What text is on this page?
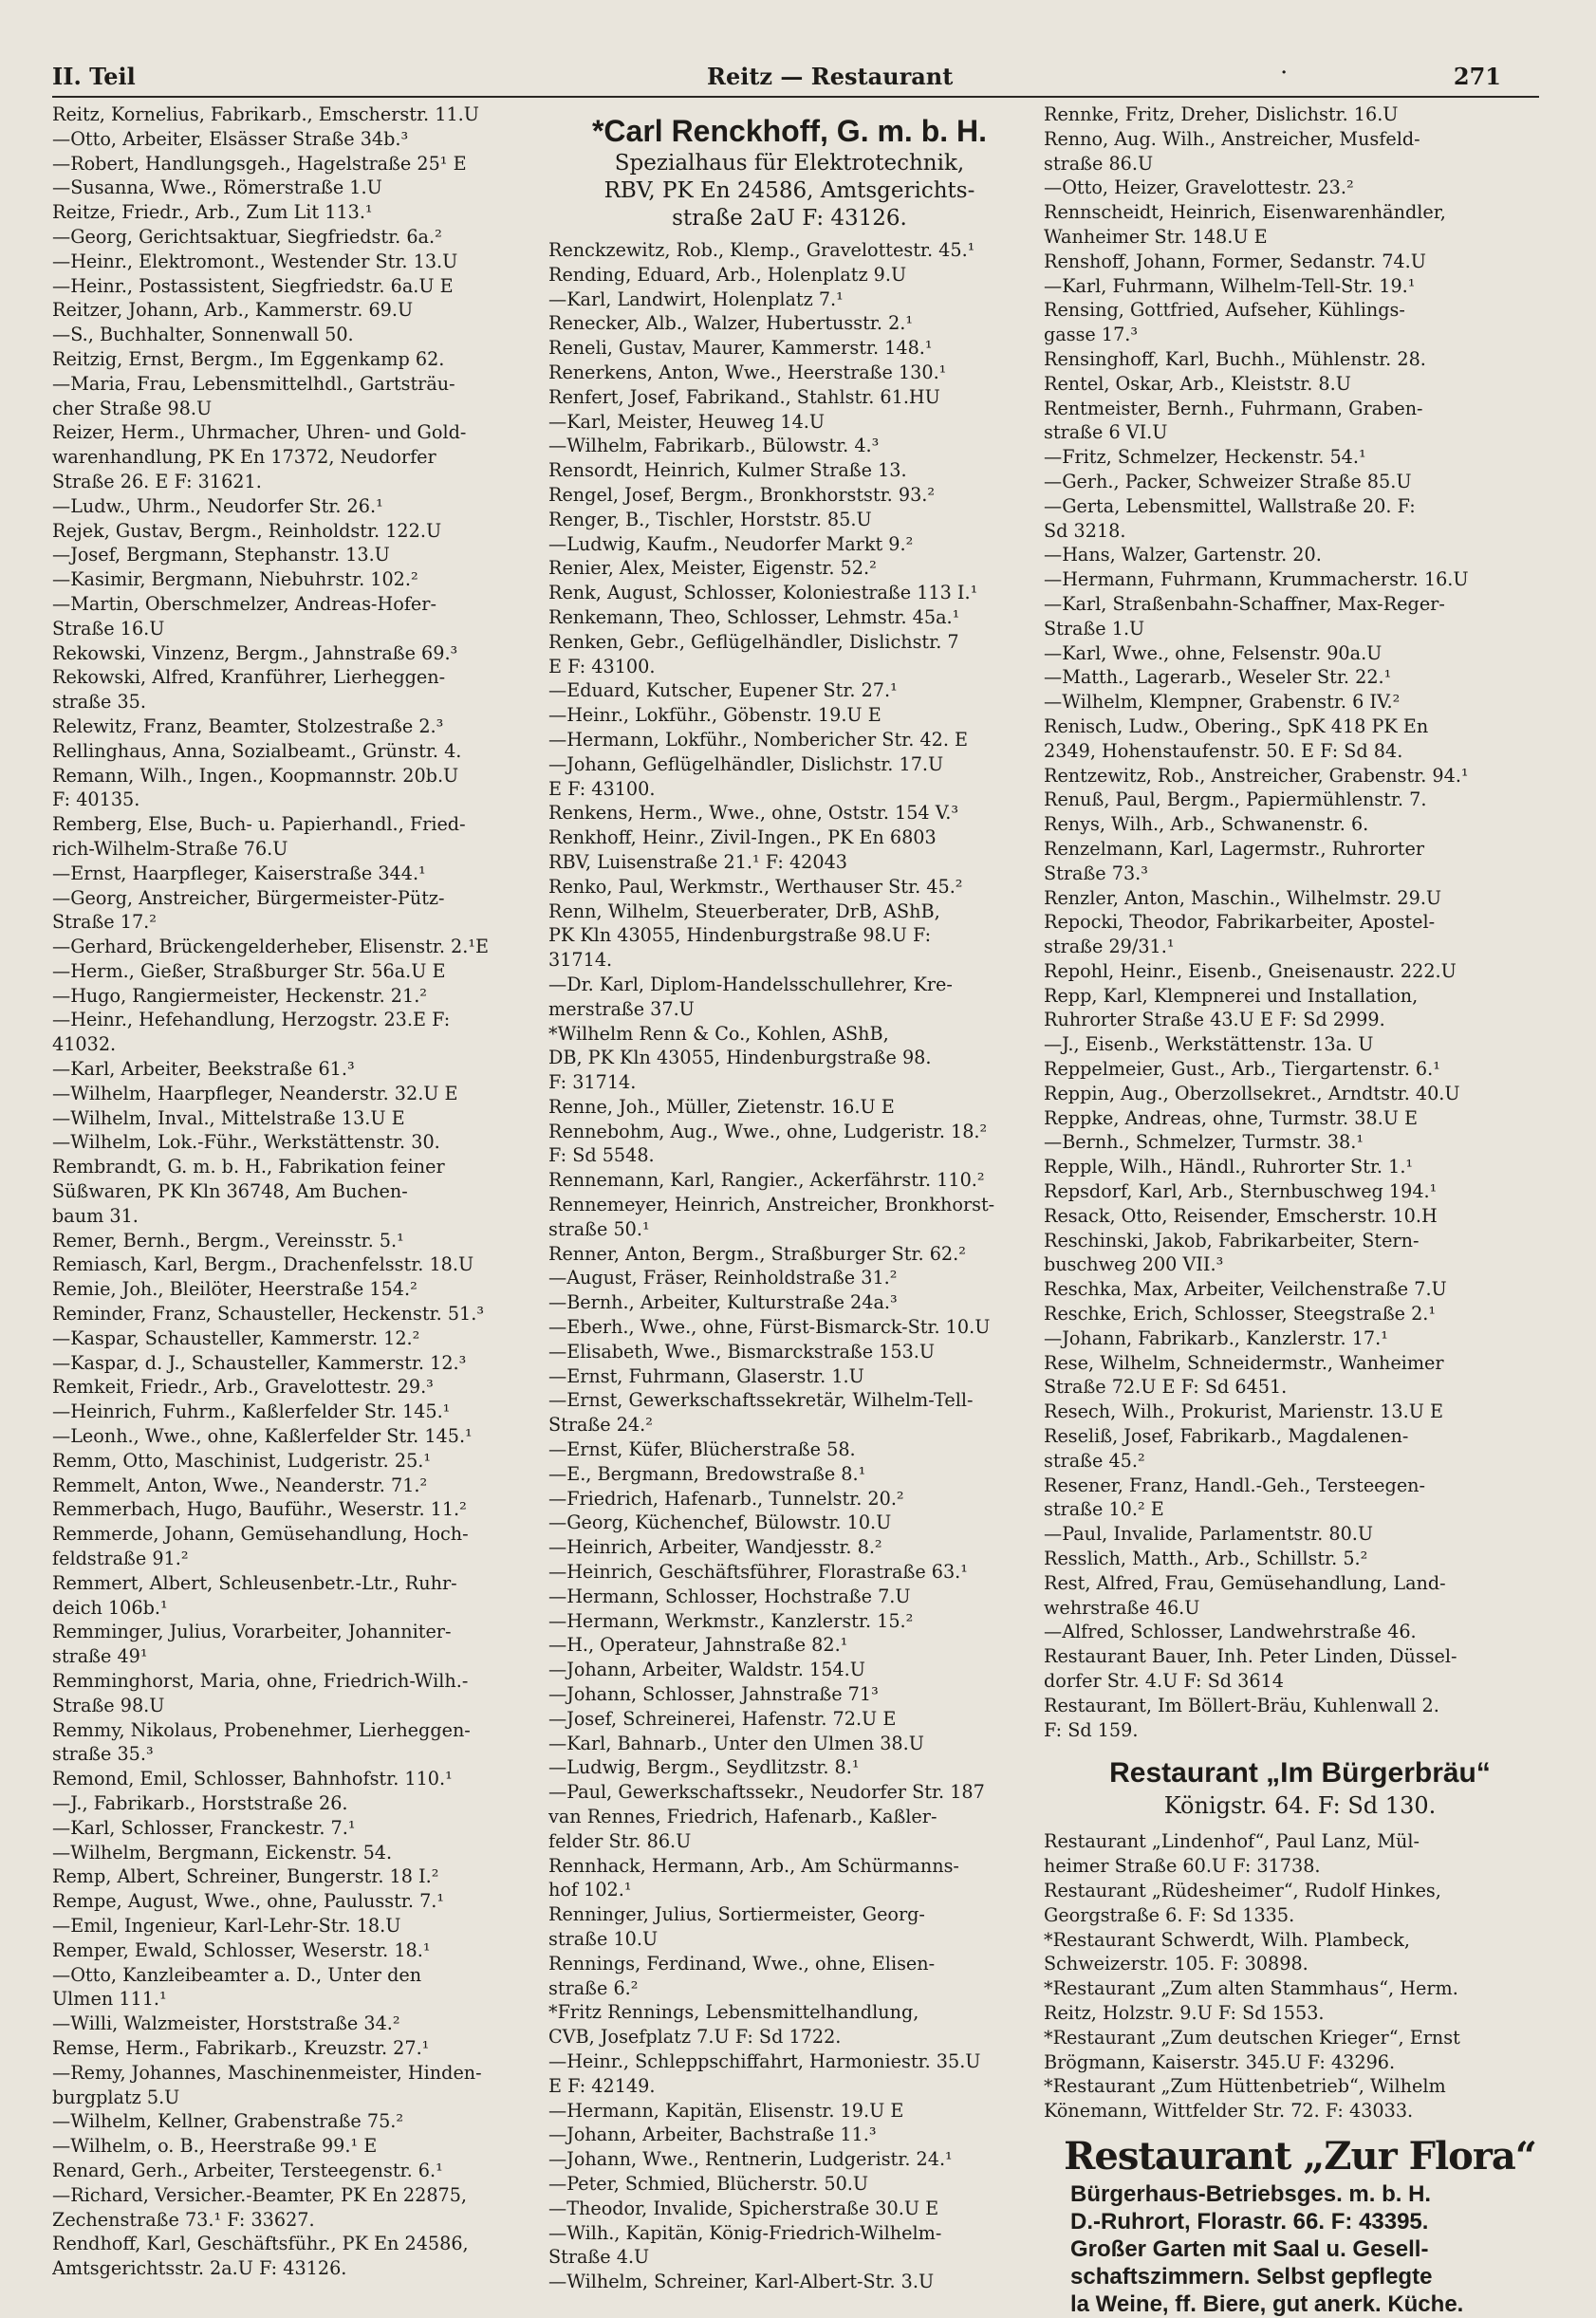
II. Teil	Reitz — Restaurant	·	271
Reitz, Kornelius, Fabrikarb., Emscherstr. 11.U
—Otto, Arbeiter, Elsässer Straße 34b.³
—Robert, Handlungsgeh., Hagelstraße 25¹ E
—Susanna, Wwe., Römerstraße 1.U
Reitze, Friedr., Arb., Zum Lit 113.¹
—Georg, Gerichtsaktuar, Siegfriedstr. 6a.²
—Heinr., Elektromont., Westender Str. 13.U
—Heinr., Postassistent, Siegfriedstr. 6a.U E
Reitzer, Johann, Arb., Kammerstr. 69.U
—S., Buchhalter, Sonnenwall 50.
Reitzig, Ernst, Bergm., Im Eggenkamp 62.
—Maria, Frau, Lebensmittelhdl., Gartsträu-
cher Straße 98.U
Reizer, Herm., Uhrmacher, Uhren- und Gold-
warenhandlung, PK En 17372, Neudorfer
Straße 26. E F: 31621.
—Ludw., Uhrm., Neudorfer Str. 26.¹
Rejek, Gustav, Bergm., Reinholdstr. 122.U
—Josef, Bergmann, Stephanstr. 13.U
—Kasimir, Bergmann, Niebuhrstr. 102.²
—Martin, Oberschmelzer, Andreas-Hofer-
Straße 16.U
Rekowski, Vinzenz, Bergm., Jahnstraße 69.³
Rekowski, Alfred, Kranführer, Lierheggen-
straße 35.
Relewitz, Franz, Beamter, Stolzestraße 2.³
Rellinghaus, Anna, Sozialbeamt., Grünstr. 4.
Remann, Wilh., Ingen., Koopmannstr. 20b.U
F: 40135.
Remberg, Else, Buch- u. Papierhandl., Fried-
rich-Wilhelm-Straße 76.U
—Ernst, Haarpfleger, Kaiserstraße 344.¹
—Georg, Anstreicher, Bürgermeister-Pütz-
Straße 17.²
—Gerhard, Brückengelderheber, Elisenstr. 2.¹E
—Herm., Gießer, Straßburger Str. 56a.U E
—Hugo, Rangiermeister, Heckenstr. 21.²
—Heinr., Hefehandlung, Herzogstr. 23.E F:
41032.
—Karl, Arbeiter, Beekstraße 61.³
—Wilhelm, Haarpfleger, Neanderstr. 32.U E
—Wilhelm, Inval., Mittelstraße 13.U E
—Wilhelm, Lok.-Führ., Werkstättenstr. 30.
Rembrandt, G. m. b. H., Fabrikation feiner
Süßwaren, PK Kln 36748, Am Buchen-
baum 31.
Remer, Bernh., Bergm., Vereinsstr. 5.¹
Remiasch, Karl, Bergm., Drachenfelsstr. 18.U
Remie, Joh., Bleilöter, Heerstraße 154.²
Reminder, Franz, Schausteller, Heckenstr. 51.³
—Kaspar, Schausteller, Kammerstr. 12.²
—Kaspar, d. J., Schausteller, Kammerstr. 12.³
Remkeit, Friedr., Arb., Gravelottestr. 29.³
—Heinrich, Fuhrm., Kaßlerfelder Str. 145.¹
—Leonh., Wwe., ohne, Kaßlerfelder Str. 145.¹
Remm, Otto, Maschinist, Ludgeristr. 25.¹
Remmelt, Anton, Wwe., Neanderstr. 71.²
Remmerbach, Hugo, Bauführ., Weserstr. 11.²
Remmerde, Johann, Gemüsehandlung, Hoch-
feldstraße 91.²
Remmert, Albert, Schleusenbetr.-Ltr., Ruhr-
deich 106b.¹
Remminger, Julius, Vorarbeiter, Johanniter-
straße 49¹
Remminghorst, Maria, ohne, Friedrich-Wilh.-
Straße 98.U
Remmy, Nikolaus, Probenehmer, Lierheggen-
straße 35.³
Remond, Emil, Schlosser, Bahnhofstr. 110.¹
—J., Fabrikarb., Horststraße 26.
—Karl, Schlosser, Franckestr. 7.¹
—Wilhelm, Bergmann, Eickenstr. 54.
Remp, Albert, Schreiner, Bungerstr. 18 I.²
Rempe, August, Wwe., ohne, Paulusstr. 7.¹
—Emil, Ingenieur, Karl-Lehr-Str. 18.U
Remper, Ewald, Schlosser, Weserstr. 18.¹
—Otto, Kanzleibeamter a. D., Unter den
Ulmen 111.¹
—Willi, Walzmeister, Horststraße 34.²
Remse, Herm., Fabrikarb., Kreuzstr. 27.¹
—Remy, Johannes, Maschinenmeister, Hinden-
burgplatz 5.U
—Wilhelm, Kellner, Grabenstraße 75.²
—Wilhelm, o. B., Heerstraße 99.¹ E
Renard, Gerh., Arbeiter, Tersteegenstr. 6.¹
—Richard, Versicher.-Beamter, PK En 22875,
Zechenstraße 73.¹ F: 33627.
Rendhoff, Karl, Geschäftsführ., PK En 24586,
Amtsgerichtsstr. 2a.U F: 43126.
*Carl Renckhoff, G. m. b. H.
Spezialhaus für Elektrotechnik,
RBV, PK En 24586, Amtsgerichts-
straße 2aU F: 43126.
Renckzewitz, Rob., Klemp., Gravelottestr. 45.¹
Rending, Eduard, Arb., Holenplatz 9.U
—Karl, Landwirt, Holenplatz 7.¹
Renecker, Alb., Walzer, Hubertusstr. 2.¹
Reneli, Gustav, Maurer, Kammerstr. 148.¹
Renerkens, Anton, Wwe., Heerstraße 130.¹
Renfert, Josef, Fabrikand., Stahlstr. 61.HU
—Karl, Meister, Heuweg 14.U
—Wilhelm, Fabrikarb., Bülowstr. 4.³
Rensordt, Heinrich, Kulmer Straße 13.
Rengel, Josef, Bergm., Bronkhorststr. 93.²
Renger, B., Tischler, Horststr. 85.U
—Ludwig, Kaufm., Neudorfer Markt 9.²
Renier, Alex, Meister, Eigenstr. 52.²
Renk, August, Schlosser, Koloniestraße 113 I.¹
Renkemann, Theo, Schlosser, Lehmstr. 45a.¹
Renken, Gebr., Geflügelhändler, Dislichstr. 7
E F: 43100.
—Eduard, Kutscher, Eupener Str. 27.¹
—Heinr., Lokführ., Göbenstr. 19.U E
—Hermann, Lokführ., Nombericher Str. 42. E
—Johann, Geflügelhändler, Dislichstr. 17.U
E F: 43100.
Renkens, Herm., Wwe., ohne, Oststr. 154 V.³
Renkhoff, Heinr., Zivil-Ingen., PK En 6803
RBV, Luisenstraße 21.¹ F: 42043
Renko, Paul, Werkmstr., Werthauser Str. 45.²
Renn, Wilhelm, Steuerberater, DrB, AShB,
PK Kln 43055, Hindenburgstraße 98.U F:
31714.
—Dr. Karl, Diplom-Handelsschullehrer, Kre-
merstraße 37.U
*Wilhelm Renn & Co., Kohlen, AShB,
DB, PK Kln 43055, Hindenburgstraße 98.
F: 31714.
Renne, Joh., Müller, Zietenstr. 16.U E
Rennebohm, Aug., Wwe., ohne, Ludgeristr. 18.²
F: Sd 5548.
Rennemann, Karl, Rangier., Ackerfährstr. 110.²
Rennemeyer, Heinrich, Anstreicher, Bronkhorst-
straße 50.¹
Renner, Anton, Bergm., Straßburger Str. 62.²
—August, Fräser, Reinholdstraße 31.²
—Bernh., Arbeiter, Kulturstraße 24a.³
—Eberh., Wwe., ohne, Fürst-Bismarck-Str. 10.U
—Elisabeth, Wwe., Bismarckstraße 153.U
—Ernst, Fuhrmann, Glaserstr. 1.U
—Ernst, Gewerkschaftssekretär, Wilhelm-Tell-
Straße 24.²
—Ernst, Küfer, Blücherstraße 58.
—E., Bergmann, Bredowstraße 8.¹
—Friedrich, Hafenarb., Tunnelstr. 20.²
—Georg, Küchenchef, Bülowstr. 10.U
—Heinrich, Arbeiter, Wandjesstr. 8.²
—Heinrich, Geschäftsführer, Florastraße 63.¹
—Hermann, Schlosser, Hochstraße 7.U
—Hermann, Werkmstr., Kanzlerstr. 15.²
—H., Operateur, Jahnstraße 82.¹
—Johann, Arbeiter, Waldstr. 154.U
—Johann, Schlosser, Jahnstraße 71³
—Josef, Schreinerei, Hafenstr. 72.U E
—Karl, Bahnarb., Unter den Ulmen 38.U
—Ludwig, Bergm., Seydlitzstr. 8.¹
—Paul, Gewerkschaftssekr., Neudorfer Str. 187
van Rennes, Friedrich, Hafenarb., Kaßler-
felder Str. 86.U
Rennhack, Hermann, Arb., Am Schürmanns-
hof 102.¹
Renninger, Julius, Sortiermeister, Georg-
straße 10.U
Rennings, Ferdinand, Wwe., ohne, Elisen-
straße 6.²
*Fritz Rennings, Lebensmittelhandlung,
CVB, Josefplatz 7.U F: Sd 1722.
—Heinr., Schleppschiffahrt, Harmoniestr. 35.U
E F: 42149.
—Hermann, Kapitän, Elisenstr. 19.U E
—Johann, Arbeiter, Bachstraße 11.³
—Johann, Wwe., Rentnerin, Ludgeristr. 24.¹
—Peter, Schmied, Blücherstr. 50.U
—Theodor, Invalide, Spicherstraße 30.U E
—Wilh., Kapitän, König-Friedrich-Wilhelm-
Straße 4.U
—Wilhelm, Schreiner, Karl-Albert-Str. 3.U
Rennke, Fritz, Dreher, Dislichstr. 16.U
Renno, Aug. Wilh., Anstreicher, Musfeld-
straße 86.U
—Otto, Heizer, Gravelottestr. 23.²
Rennscheidt, Heinrich, Eisenwarenhändler,
Wanheimer Str. 148.U E
Renshoff, Johann, Former, Sedanstr. 74.U
—Karl, Fuhrmann, Wilhelm-Tell-Str. 19.¹
Rensing, Gottfried, Aufseher, Kühlings-
gasse 17.³
Rensinghoff, Karl, Buchh., Mühlenstr. 28.
Rentel, Oskar, Arb., Kleiststr. 8.U
Rentmeister, Bernh., Fuhrmann, Graben-
straße 6 VI.U
—Fritz, Schmelzer, Heckenstr. 54.¹
—Gerh., Packer, Schweizer Straße 85.U
—Gerta, Lebensmittel, Wallstraße 20. F:
Sd 3218.
—Hans, Walzer, Gartenstr. 20.
—Hermann, Fuhrmann, Krummacherstr. 16.U
—Karl, Straßenbahn-Schaffner, Max-Reger-
Straße 1.U
—Karl, Wwe., ohne, Felsenstr. 90a.U
—Matth., Lagerarb., Weseler Str. 22.¹
—Wilhelm, Klempner, Grabenstr. 6 IV.²
Renisch, Ludw., Obering., SpK 418 PK En
2349, Hohenstaufenstr. 50. E F: Sd 84.
Rentzewitz, Rob., Anstreicher, Grabenstr. 94.¹
Renuß, Paul, Bergm., Papiermühlenstr. 7.
Renys, Wilh., Arb., Schwanenstr. 6.
Renzelmann, Karl, Lagermstr., Ruhrorter
Straße 73.³
Renzler, Anton, Maschin., Wilhelmstr. 29.U
Repocki, Theodor, Fabrikarbeiter, Apostel-
straße 29/31.¹
Repohl, Heinr., Eisenb., Gneisenaustr. 222.U
Repp, Karl, Klempnerei und Installation,
Ruhrorter Straße 43.U E F: Sd 2999.
—J., Eisenb., Werkstättenstr. 13a. U
Reppelmeier, Gust., Arb., Tiergartenstr. 6.¹
Reppin, Aug., Oberzollsekret., Arndtstr. 40.U
Reppke, Andreas, ohne, Turmstr. 38.U E
—Bernh., Schmelzer, Turmstr. 38.¹
Repple, Wilh., Händl., Ruhrorter Str. 1.¹
Repsdorf, Karl, Arb., Sternbuschweg 194.¹
Resack, Otto, Reisender, Emscherstr. 10.H
Reschinski, Jakob, Fabrikarbeiter, Stern-
buschweg 200 VII.³
Reschka, Max, Arbeiter, Veilchenstraße 7.U
Reschke, Erich, Schlosser, Steegstraße 2.¹
—Johann, Fabrikarb., Kanzlerstr. 17.¹
Rese, Wilhelm, Schneidermstr., Wanheimer
Straße 72.U E F: Sd 6451.
Resech, Wilh., Prokurist, Marienstr. 13.U E
Reseliß, Josef, Fabrikarb., Magdalenen-
straße 45.²
Resener, Franz, Handl.-Geh., Tersteegen-
straße 10.² E
—Paul, Invalide, Parlamentstr. 80.U
Resslich, Matth., Arb., Schillstr. 5.²
Rest, Alfred, Frau, Gemüsehandlung, Land-
wehrstraße 46.U
—Alfred, Schlosser, Landwehrstraße 46.
Restaurant Bauer, Inh. Peter Linden, Düssel-
dorfer Str. 4.U F: Sd 3614
Restaurant, Im Böllert-Bräu, Kuhlenwall 2.
F: Sd 159.
Restaurant „Im Bürgerbräu“
Königstr. 64. F: Sd 130.
Restaurant „Lindenhof“, Paul Lanz, Mül-
heimer Straße 60.U F: 31738.
Restaurant „Rüdesheimer“, Rudolf Hinkes,
Georgstraße 6. F: Sd 1335.
*Restaurant Schwerdt, Wilh. Plambeck,
Schweizerstr. 105. F: 30898.
*Restaurant „Zum alten Stammhaus“, Herm.
Reitz, Holzstr. 9.U F: Sd 1553.
*Restaurant „Zum deutschen Krieger“, Ernst
Brögmann, Kaiserstr. 345.U F: 43296.
*Restaurant „Zum Hüttenbetrieb“, Wilhelm
Könemann, Wittfelder Str. 72. F: 43033.
Restaurant „Zur Flora“
Bürgerhaus-Betriebsges. m. b. H.
D.-Ruhrort, Florastr. 66. F: 43395.
Großer Garten mit Saal u. Gesell-
schaftszimmern. Selbst gepflegte
la Weine, ff. Biere, gut anerk. Küche.
